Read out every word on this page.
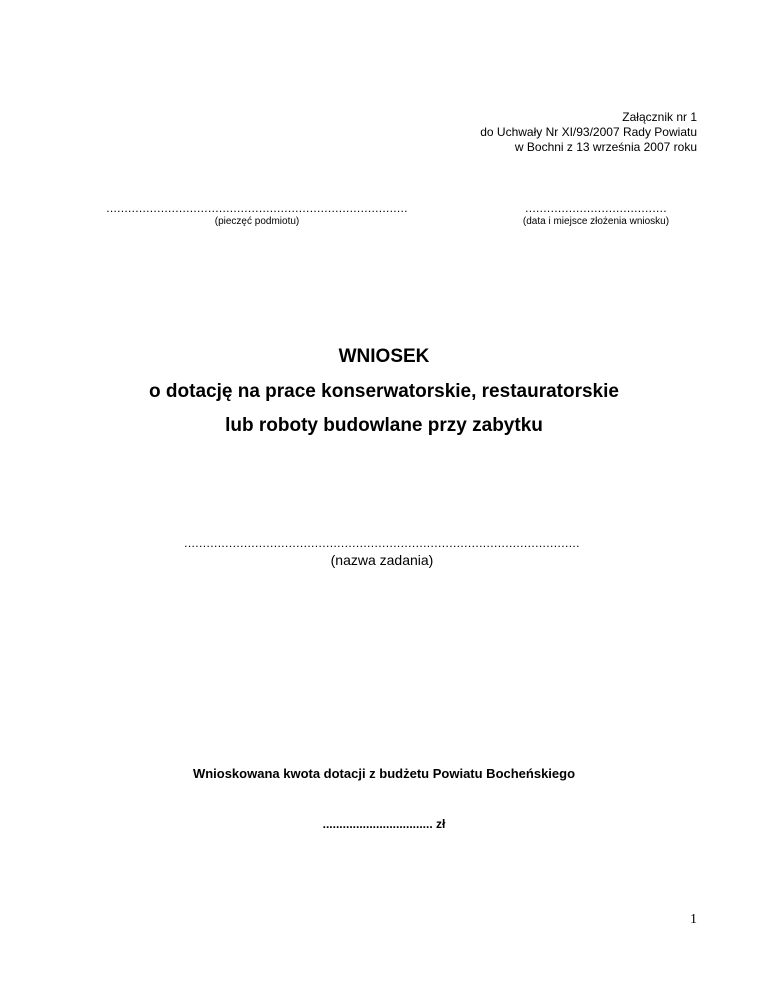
Załącznik nr 1
do Uchwały Nr XI/93/2007 Rady Powiatu
w Bochni z 13 września 2007 roku
...................................................................................
(pieczęć podmiotu)
.......................................
(data i miejsce złożenia wniosku)
WNIOSEK
o dotację na prace konserwatorskie, restauratorskie
lub roboty budowlane przy zabytku
..........................................................................................................
(nazwa zadania)
Wnioskowana kwota dotacji z budżetu Powiatu Bocheńskiego
................................. zł
1
